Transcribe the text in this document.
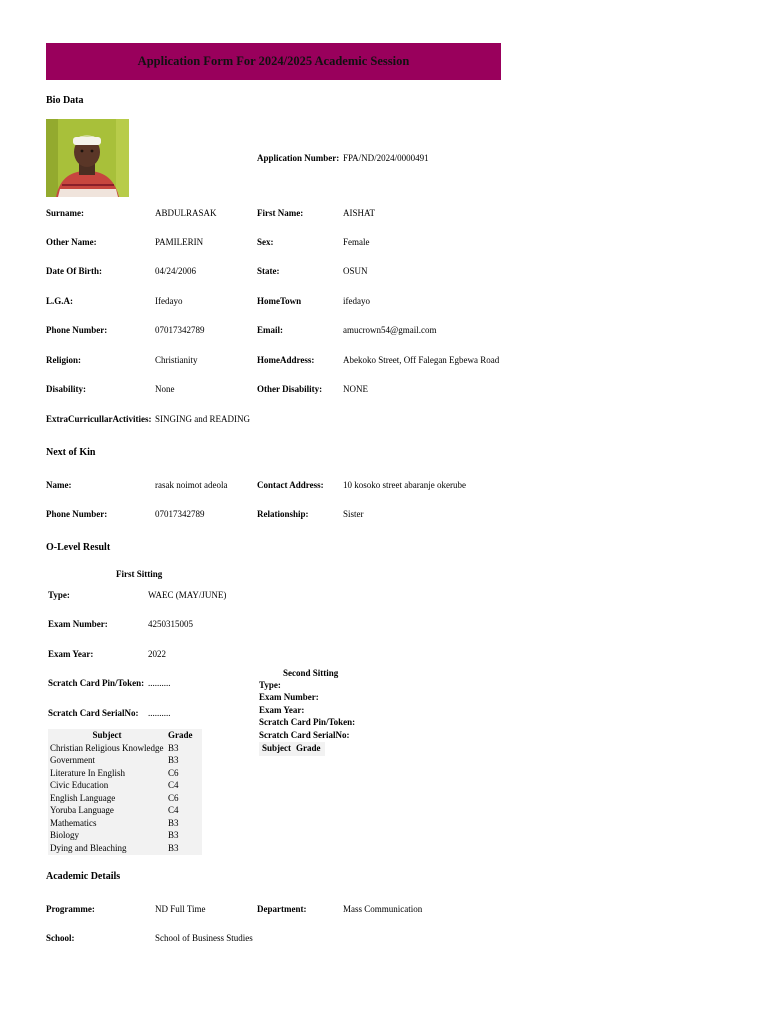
Application Form For 2024/2025 Academic Session
Bio Data
Application Number: FPA/ND/2024/0000491
Surname:	ABDULRASAK	First Name:	AISHAT
Other Name:	PAMILERIN	Sex:	Female
Date Of Birth:	04/24/2006	State:	OSUN
L.G.A:	Ifedayo	HomeTown	ifedayo
Phone Number:	07017342789	Email:	amucrown54@gmail.com
Religion:	Christianity	HomeAddress:	Abekoko Street, Off Falegan Egbewa Road
Disability:	None	Other Disability: NONE
ExtraCurricullarActivities: SINGING and READING
Next of Kin
Name:	rasak noimot adeola	Contact Address: 10 kosoko street abaranje okerube
Phone Number:	07017342789	Relationship:	Sister
O-Level Result
First Sitting
Type:	WAEC (MAY/JUNE)
Exam Number:	4250315005
Exam Year:	2022
Scratch Card Pin/Token: ..........
Scratch Card SerialNo: ..........
Subject	Grade
Christian Religious Knowledge	B3
Government	B3
Literature In English	C6
Civic Education	C4
English Language	C6
Yoruba Language	C4
Mathematics	B3
Biology	B3
Dying and Bleaching	B3
Second Sitting
Type:
Exam Number:
Exam Year:
Scratch Card Pin/Token:
Scratch Card SerialNo:
Subject	Grade
Academic Details
Programme:	ND Full Time	Department:	Mass Communication
School:	School of Business Studies
